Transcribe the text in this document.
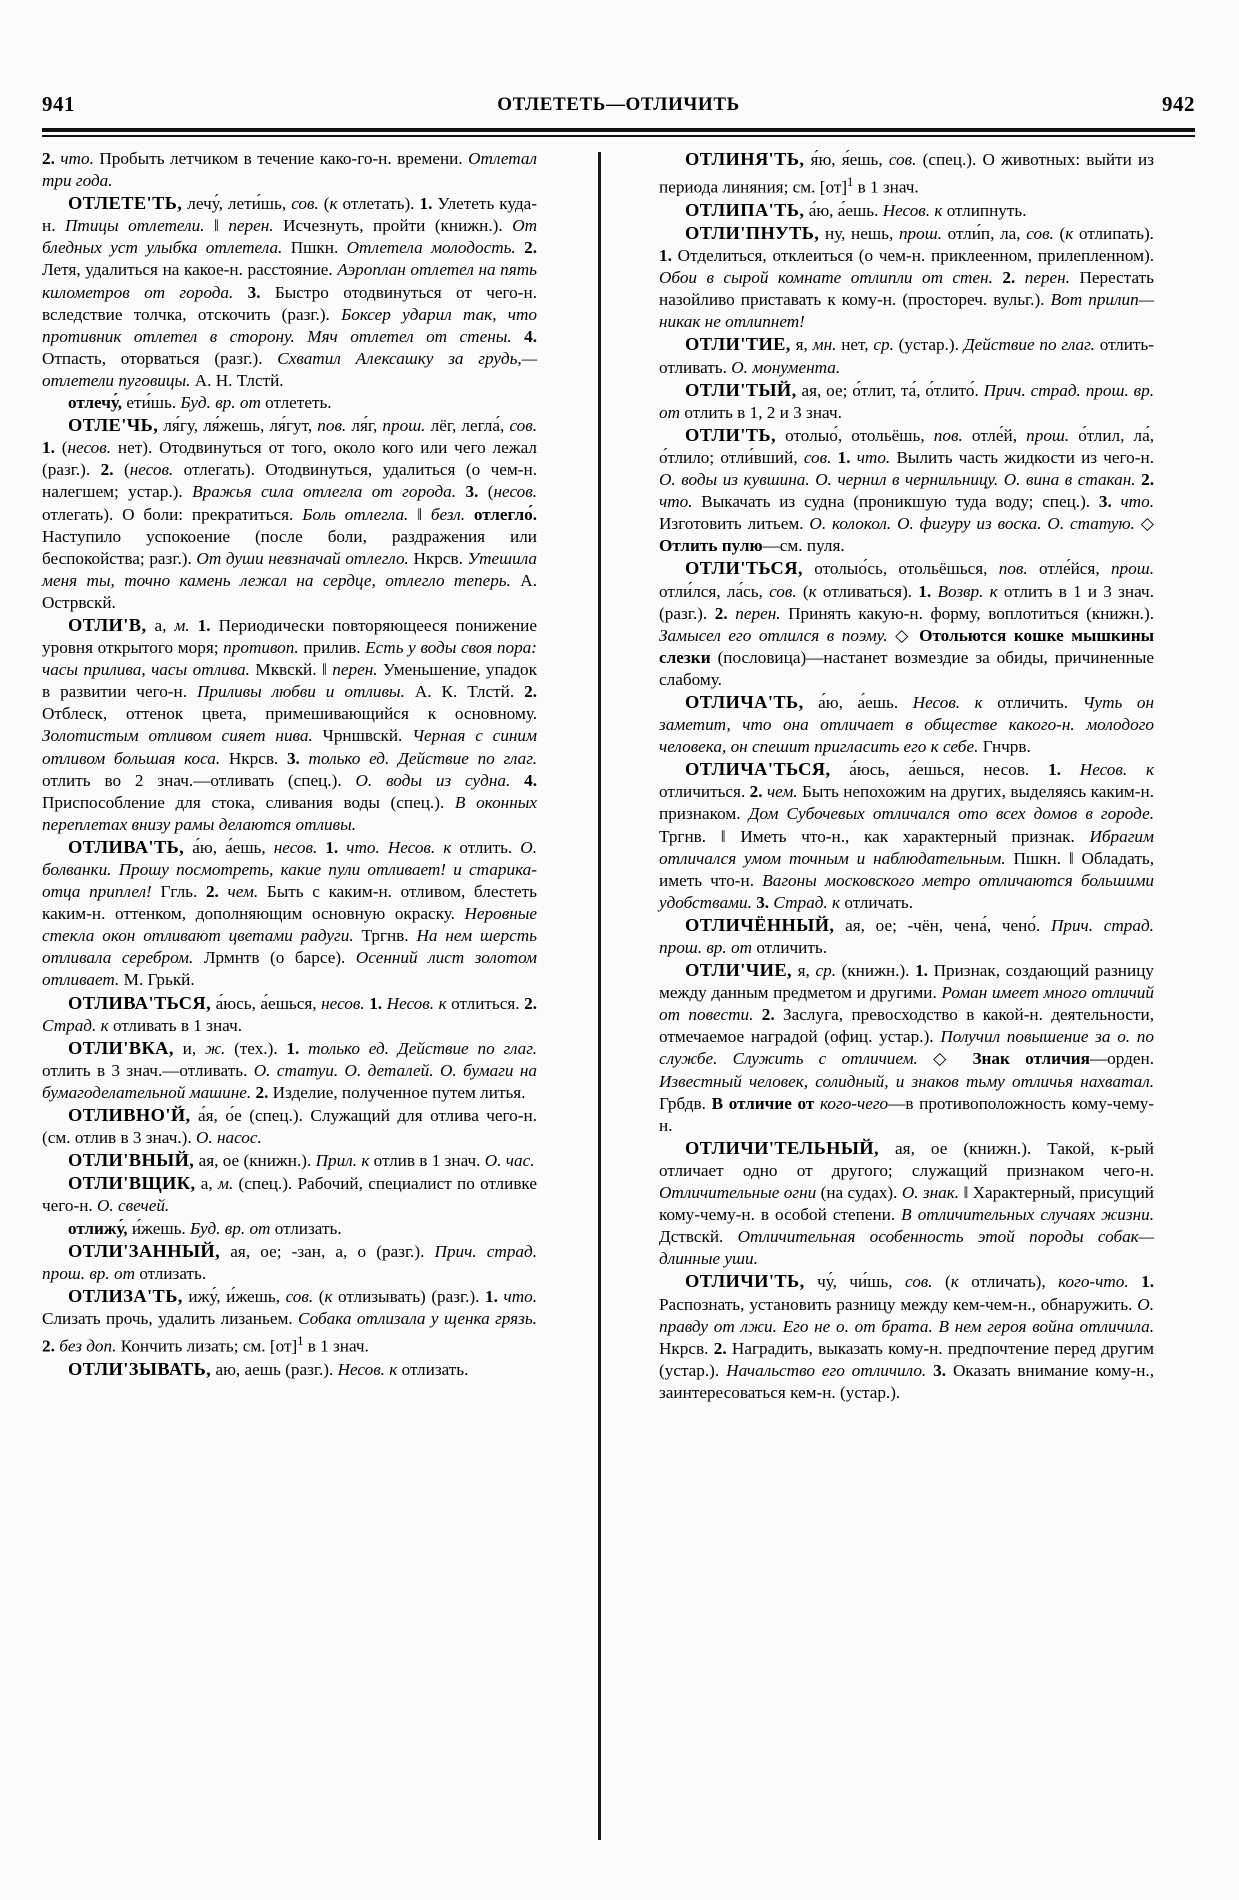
941	ОТЛЕТЕТЬ—ОТЛИЧИТЬ	942

2. что. Пробыть летчиком в течение како-го-н. времени. Отлетал три года.

ОТЛЕТЕ'ТЬ, лечу́, лети́шь, сов. (к отлетать). 1. Улететь куда-н. Птицы отлетели. ‖ перен. Исчезнуть, пройти (книжн.). От бледных уст улыбка отлетела. Пшкн. Отлетела молодость. 2. Летя, удалиться на какое-н. расстояние. Аэроплан отлетел на пять километров от города. 3. Быстро отодвинуться от чего-н. вследствие толчка, отскочить (разг.). Боксер ударил так, что противник отлетел в сторону. Мяч отлетел от стены. 4. Отпасть, оторваться (разг.). Схватил Алексашку за грудь,—отлетели пуговицы. А. Н. Тлстй.

отлечу́, ети́шь. Буд. вр. от отлететь.

ОТЛЕ'ЧЬ, ля́гу, ля́жешь, ля́гут, пов. ля́г, прош. лёг, легла́, сов. 1. (несов. нет). Отодвинуться от того, около кого или чего лежал (разг.). 2. (несов. отлегать). Отодвинуться, удалиться (о чем-н. налегшем; устар.). Вражья сила отлегла от города. 3. (несов. отлегать). О боли: прекратиться. Боль отлегла. ‖ безл. отлегло́. Наступило успокоение (после боли, раздражения или беспокойства; разг.). От души невзначай отлегло. Нкрсв. Утешила меня ты, точно камень лежал на сердце, отлегло теперь. А. Острвскй.

ОТЛИ'В, а, м. 1. Периодически повторяющееся понижение уровня открытого моря; противоп. прилив. Есть у воды своя пора: часы прилива, часы отлива. Мквскй. ‖ перен. Уменьшение, упадок в развитии чего-н. Приливы любви и отливы. А. К. Тлстй. 2. Отблеск, оттенок цвета, примешивающийся к основному. Золотистым отливом сияет нива. Чрншвскй. Черная с синим отливом большая коса. Нкрсв. 3. только ед. Действие по глаг. отлить во 2 знач.—отливать (спец.). О. воды из судна. 4. Приспособление для стока, сливания воды (спец.). В оконных переплетах внизу рамы делаются отливы.

ОТЛИВА'ТЬ, а́ю, а́ешь, несов. 1. что. Несов. к отлить. О. болванки. Прошу посмотреть, какие пули отливает! и старика-отца приплел! Ггль. 2. чем. Быть с каким-н. отливом, блестеть каким-н. оттенком, дополняющим основную окраску. Неровные стекла окон отливают цветами радуги. Тргнв. На нем шерсть отливала серебром. Лрмнтв (о барсе). Осенний лист золотом отливает. М. Грькй.

ОТЛИВА'ТЬСЯ, а́юсь, а́ешься, несов. 1. Несов. к отлиться. 2. Страд. к отливать в 1 знач.

ОТЛИ'ВКА, и, ж. (тех.). 1. только ед. Действие по глаг. отлить в 3 знач.—отливать. О. статуи. О. деталей. О. бумаги на бумагоделательной машине. 2. Изделие, полученное путем литья.

ОТЛИВНО'Й, а́я, о́е (спец.). Служащий для отлива чего-н. (см. отлив в 3 знач.). О. насос.

ОТЛИ'ВНЫЙ, ая, ое (книжн.). Прил. к отлив в 1 знач. О. час.

ОТЛИ'ВЩИК, а, м. (спец.). Рабочий, специалист по отливке чего-н. О. свечей.

отлижу́, и́жешь. Буд. вр. от отлизать.

ОТЛИ'ЗАННЫЙ, ая, ое; -зан, а, о (разг.). Прич. страд. прош. вр. от отлизать.

ОТЛИЗА'ТЬ, ижу́, и́жешь, сов. (к отлизывать) (разг.). 1. что. Слизать прочь, удалить лизаньем. Собака отлизала у щенка грязь. 2. без доп. Кончить лизать; см. [от]$^1$ в 1 знач.

ОТЛИ'ЗЫВАТЬ, аю, аешь (разг.). Несов. к отлизать.

ОТЛИНЯ'ТЬ, я́ю, я́ешь, сов. (спец.). О животных: выйти из периода линяния; см. [от]$^1$ в 1 знач.

ОТЛИПА'ТЬ, а́ю, а́ешь. Несов. к отлипнуть.

ОТЛИ'ПНУТЬ, ну, нешь, прош. отли́п, ла, сов. (к отлипать). 1. Отделиться, отклеиться (о чем-н. приклеенном, прилепленном). Обои в сырой комнате отлипли от стен. 2. перен. Перестать назойливо приставать к кому-н. (простореч. вульг.). Вот прилип—никак не отлипнет!

ОТЛИ'ТИЕ, я, мн. нет, ср. (устар.). Действие по глаг. отлить-отливать. О. монумента.

ОТЛИ'ТЫЙ, ая, ое; о́тлит, та́, о́тлито́. Прич. страд. прош. вр. от отлить в 1, 2 и 3 знач.

ОТЛИ'ТЬ, отолыо́, отольёшь, пов. отле́й, прош. о́тлил, ла́, о́тлило; отли́вший, сов. 1. что. Вылить часть жидкости из чего-н. О. воды из кувшина. О. чернил в чернильницу. О. вина в стакан. 2. что. Выкачать из судна (проникшую туда воду; спец.). 3. что. Изготовить литьем. О. колокол. О. фигуру из воска. О. статую. ◇ Отлить пулю—см. пуля.

ОТЛИ'ТЬСЯ, отолыо́сь, отольёшься, пов. отле́йся, прош. отли́лся, ла́сь, сов. (к отливаться). 1. Возвр. к отлить в 1 и 3 знач. (разг.). 2. перен. Принять какую-н. форму, воплотиться (книжн.). Замысел его отлился в поэму. ◇ Отольются кошке мышкины слезки (пословица)—настанет возмездие за обиды, причиненные слабому.

ОТЛИЧА'ТЬ, а́ю, а́ешь. Несов. к отличить. Чуть он заметит, что она отличает в обществе какого-н. молодого человека, он спешит пригласить его к себе. Гнчрв.

ОТЛИЧА'ТЬСЯ, а́юсь, а́ешься, несов. 1. Несов. к отличиться. 2. чем. Быть непохожим на других, выделяясь каким-н. признаком. Дом Субочевых отличался ото всех домов в городе. Тргнв. ‖ Иметь что-н., как характерный признак. Ибрагим отличался умом точным и наблюдательным. Пшкн. ‖ Обладать, иметь что-н. Вагоны московского метро отличаются большими удобствами. 3. Страд. к отличать.

ОТЛИЧЁННЫЙ, ая, ое; -чён, чена́, чено́. Прич. страд. прош. вр. от отличить.

ОТЛИ'ЧИЕ, я, ср. (книжн.). 1. Признак, создающий разницу между данным предметом и другими. Роман имеет много отличий от повести. 2. Заслуга, превосходство в какой-н. деятельности, отмечаемое наградой (офиц. устар.). Получил повышение за о. по службе. Служить с отличием. ◇ Знак отличия—орден. Известный человек, солидный, и знаков тьму отличья нахватал. Грбдв. В отличие от кого-чего—в противоположность кому-чему-н.

ОТЛИЧИ'ТЕЛЬНЫЙ, ая, ое (книжн.). Такой, к-рый отличает одно от другого; служащий признаком чего-н. Отличительные огни (на судах). О. знак. ‖ Характерный, присущий кому-чему-н. в особой степени. В отличительных случаях жизни. Дствскй. Отличительная особенность этой породы собак—длинные уши.

ОТЛИЧИ'ТЬ, чу́, чи́шь, сов. (к отличать), кого-что. 1. Распознать, установить разницу между кем-чем-н., обнаружить. О. правду от лжи. Его не о. от брата. В нем героя война отличила. Нкрсв. 2. Наградить, выказать кому-н. предпочтение перед другим (устар.). Начальство его отличило. 3. Оказать внимание кому-н., заинтересоваться кем-н. (устар.).
